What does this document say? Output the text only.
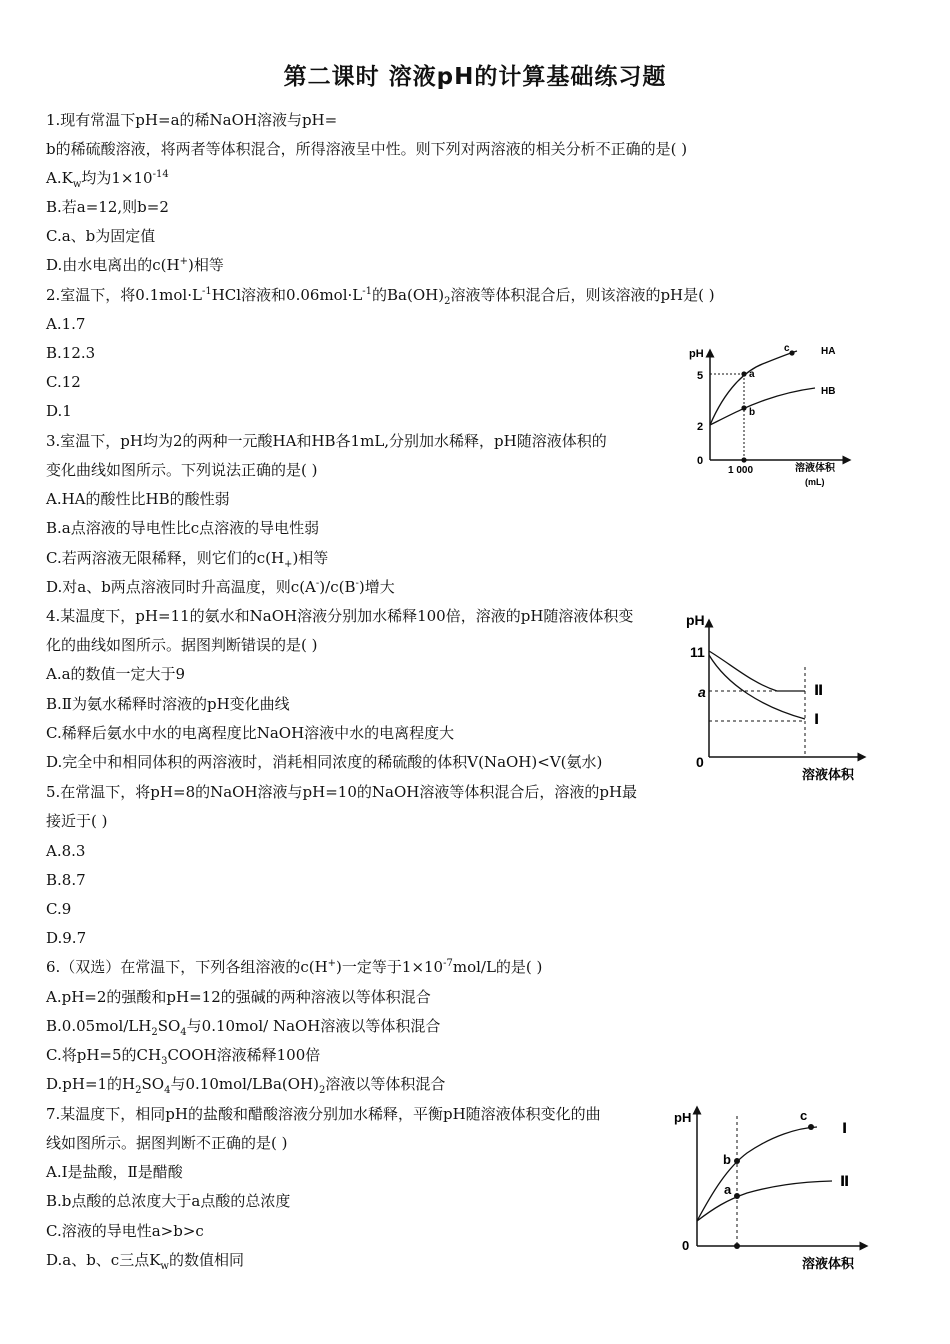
第二课时 溶液pH的计算基础练习题
1.现有常温下pH=a的稀NaOH溶液与pH=
b的稀硫酸溶液，将两者等体积混合，所得溶液呈中性。则下列对两溶液的相关分析不正确的是( )
$A.K_w$均为$1\times 10^{-14}$
B.若a=12,则b=2
C.a、b为固定值
D.由水电离出的c(H+)相等
2.室温下，将$0.1mol\cdot L^{-1}HCl$溶液和$0.06mol\cdot L^{-1}$的$Ba(OH)_2$溶液等体积混合后，则该溶液的pH是( )
A.1.7
B.12.3
C.12
D.1
3.室温下，pH均为2的两种一元酸HA和HB各1mL,分别加水稀释，pH随溶液体积的
变化曲线如图所示。下列说法正确的是( )
A.HA的酸性比HB的酸性弱
B.a点溶液的导电性比c点溶液的导电性弱
C.若两溶液无限稀释，则它们的$c(H_+)$相等
D.对a、b两点溶液同时升高温度，则c(A-)/c(B-)增大
4.某温度下，pH=11的氨水和NaOH溶液分别加水稀释100倍，溶液的pH随溶液体积变
化的曲线如图所示。据图判断错误的是( )
A.a的数值一定大于9
B.Ⅱ为氨水稀释时溶液的pH变化曲线
C.稀释后氨水中水的电离程度比NaOH溶液中水的电离程度大
D.完全中和相同体积的两溶液时，消耗相同浓度的稀硫酸的体积V(NaOH)<V(氨水)
5.在常温下，将pH=8的NaOH溶液与pH=10的NaOH溶液等体积混合后，溶液的pH最
接近于( )
A.8.3
B.8.7
C.9
D.9.7
6.（双选）在常温下，下列各组溶液的c(H+)一定等于$1\times 10^{-7}mol/L$的是( )
A.pH=2的强酸和pH=12的强碱的两种溶液以等体积混合
$B.0.05mol/LH_2SO_4$与0.10mol/ NaOH溶液以等体积混合
C.将pH=5的$CH_3COOH$溶液稀释100倍
D.pH=1的$H_2SO_4$与$0.10mol/LBa(OH)_2$溶液以等体积混合
7.某温度下，相同pH的盐酸和醋酸溶液分别加水稀释，平衡pH随溶液体积变化的曲
线如图所示。据图判断不正确的是( )
A.Ⅰ是盐酸，Ⅱ是醋酸
B.b点酸的总浓度大于a点酸的总浓度
C.溶液的导电性a>b>c
D.a、b、c三点$K_w$的数值相同
pH
5
2
0
1 000	溶液体积
(mL)
a
b
c	HA
HB
pH
11
a
0
溶液体积
Ⅱ
Ⅰ
pH
0
溶液体积
b
a
c
Ⅰ
Ⅱ
